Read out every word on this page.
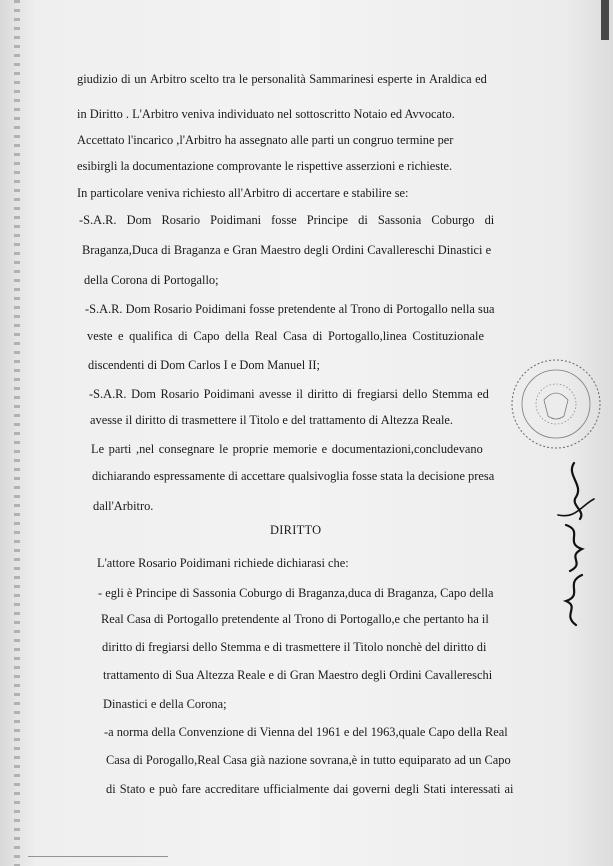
giudizio di un Arbitro scelto tra le personalità Sammarinesi esperte in Araldica ed
in Diritto . L'Arbitro veniva individuato nel sottoscritto Notaio ed Avvocato.
Accettato l'incarico ,l'Arbitro ha assegnato alle parti un congruo termine per
esibirgli la documentazione comprovante le rispettive asserzioni e richieste.
In particolare veniva richiesto all'Arbitro di accertare e stabilire se:
-S.A.R. Dom Rosario Poidimani fosse Principe di Sassonia Coburgo di
Braganza,Duca di Braganza e Gran Maestro degli Ordini Cavallereschi Dinastici e
della Corona di Portogallo;
-S.A.R. Dom Rosario Poidimani fosse pretendente al Trono di Portogallo nella sua
veste e qualifica di Capo della Real Casa di Portogallo,linea Costituzionale
discendenti di Dom Carlos I e Dom Manuel II;
-S.A.R. Dom Rosario Poidimani avesse il diritto di fregiarsi dello Stemma ed
avesse il diritto di trasmettere il Titolo e del trattamento di Altezza Reale.
Le parti ,nel consegnare le proprie memorie e documentazioni,concludevano
dichiarando espressamente di accettare qualsivoglia fosse stata la decisione presa
dall'Arbitro.
DIRITTO
L'attore Rosario Poidimani richiede dichiarasi che:
- egli è Principe di Sassonia Coburgo di Braganza,duca di Braganza, Capo della
Real Casa di Portogallo pretendente al Trono di Portogallo,e che pertanto ha il
diritto di fregiarsi dello Stemma e di trasmettere il Titolo nonchè del diritto di
trattamento di Sua Altezza Reale e di Gran Maestro degli Ordini Cavallereschi
Dinastici e della Corona;
-a norma della Convenzione di Vienna del 1961 e del 1963,quale Capo della Real
Casa di Porogallo,Real Casa già nazione sovrana,è in tutto equiparato ad un Capo
di Stato e può fare accreditare ufficialmente dai governi degli Stati interessati ai
